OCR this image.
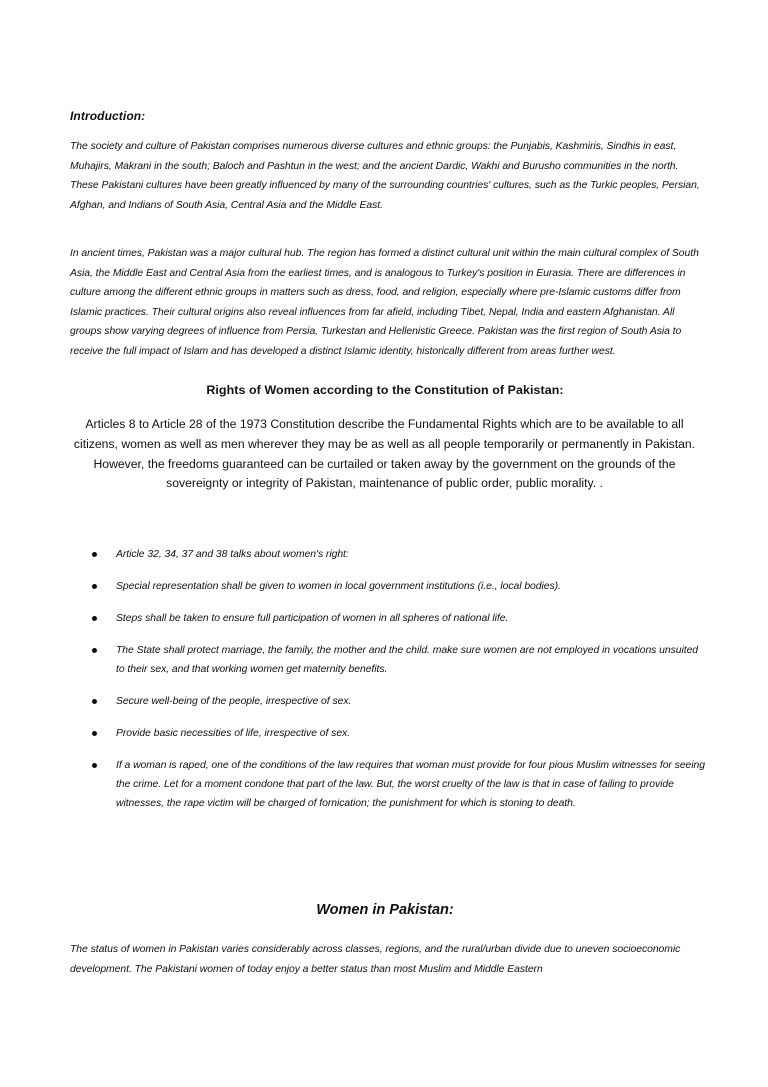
Introduction:
The society and culture of Pakistan comprises numerous diverse cultures and ethnic groups: the Punjabis, Kashmiris, Sindhis in east, Muhajirs, Makrani in the south; Baloch and Pashtun in the west; and the ancient Dardic, Wakhi and Burusho communities in the north. These Pakistani cultures have been greatly influenced by many of the surrounding countries' cultures, such as the Turkic peoples, Persian, Afghan, and Indians of South Asia, Central Asia and the Middle East.
In ancient times, Pakistan was a major cultural hub. The region has formed a distinct cultural unit within the main cultural complex of South Asia, the Middle East and Central Asia from the earliest times, and is analogous to Turkey's position in Eurasia. There are differences in culture among the different ethnic groups in matters such as dress, food, and religion, especially where pre-Islamic customs differ from Islamic practices. Their cultural origins also reveal influences from far afield, including Tibet, Nepal, India and eastern Afghanistan. All groups show varying degrees of influence from Persia, Turkestan and Hellenistic Greece. Pakistan was the first region of South Asia to receive the full impact of Islam and has developed a distinct Islamic identity, historically different from areas further west.
Rights of Women according to the Constitution of Pakistan:
Articles 8 to Article 28 of the 1973 Constitution describe the Fundamental Rights which are to be available to all citizens, women as well as men wherever they may be as well as all people temporarily or permanently in Pakistan. However, the freedoms guaranteed can be curtailed or taken away by the government on the grounds of the sovereignty or integrity of Pakistan, maintenance of public order, public morality. .
Article 32, 34, 37 and 38 talks about women's right:
Special representation shall be given to women in local government institutions (i.e., local bodies).
Steps shall be taken to ensure full participation of women in all spheres of national life.
The State shall protect marriage, the family, the mother and the child. make sure women are not employed in vocations unsuited to their sex, and that working women get maternity benefits.
Secure well-being of the people, irrespective of sex.
Provide basic necessities of life, irrespective of sex.
If a woman is raped, one of the conditions of the law requires that woman must provide for four pious Muslim witnesses for seeing the crime. Let for a moment condone that part of the law. But, the worst cruelty of the law is that in case of failing to provide witnesses, the rape victim will be charged of fornication; the punishment for which is stoning to death.
Women in Pakistan:
The status of women in Pakistan varies considerably across classes, regions, and the rural/urban divide due to uneven socioeconomic development. The Pakistani women of today enjoy a better status than most Muslim and Middle Eastern
